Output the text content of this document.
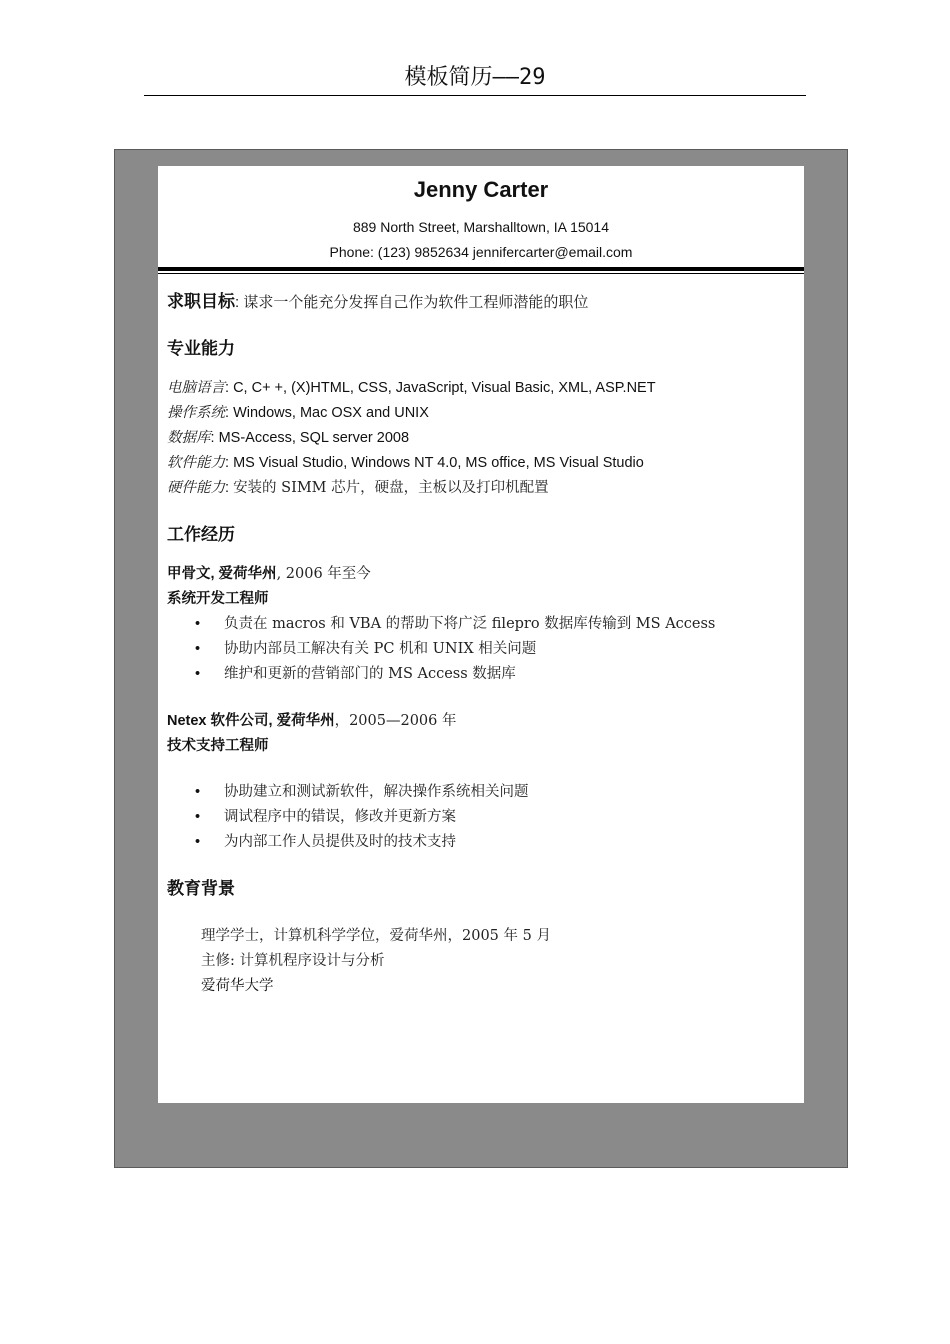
模板简历——29
Jenny Carter
889 North Street, Marshalltown, IA 15014
Phone: (123) 9852634 jennifercarter@email.com
求职目标: 谋求一个能充分发挥自己作为软件工程师潜能的职位
专业能力
电脑语言: C, C+ +, (X)HTML, CSS, JavaScript, Visual Basic, XML, ASP.NET
操作系统: Windows, Mac OSX and UNIX
数据库: MS-Access, SQL server 2008
软件能力: MS Visual Studio, Windows NT 4.0, MS office, MS Visual Studio
硬件能力: 安装的 SIMM 芯片，硬盘，主板以及打印机配置
工作经历
甲骨文, 爱荷华州, 2006 年至今
系统开发工程师
• 负责在 macros 和 VBA 的帮助下将广泛 filepro 数据库传输到 MS Access
• 协助内部员工解决有关 PC 机和 UNIX 相关问题
• 维护和更新的营销部门的 MS Access 数据库
Netex 软件公司, 爱荷华州，2005—2006 年
技术支持工程师
• 协助建立和测试新软件，解决操作系统相关问题
• 调试程序中的错误，修改并更新方案
• 为内部工作人员提供及时的技术支持
教育背景
理学学士，计算机科学学位，爱荷华州，2005 年 5 月
主修: 计算机程序设计与分析
爱荷华大学
